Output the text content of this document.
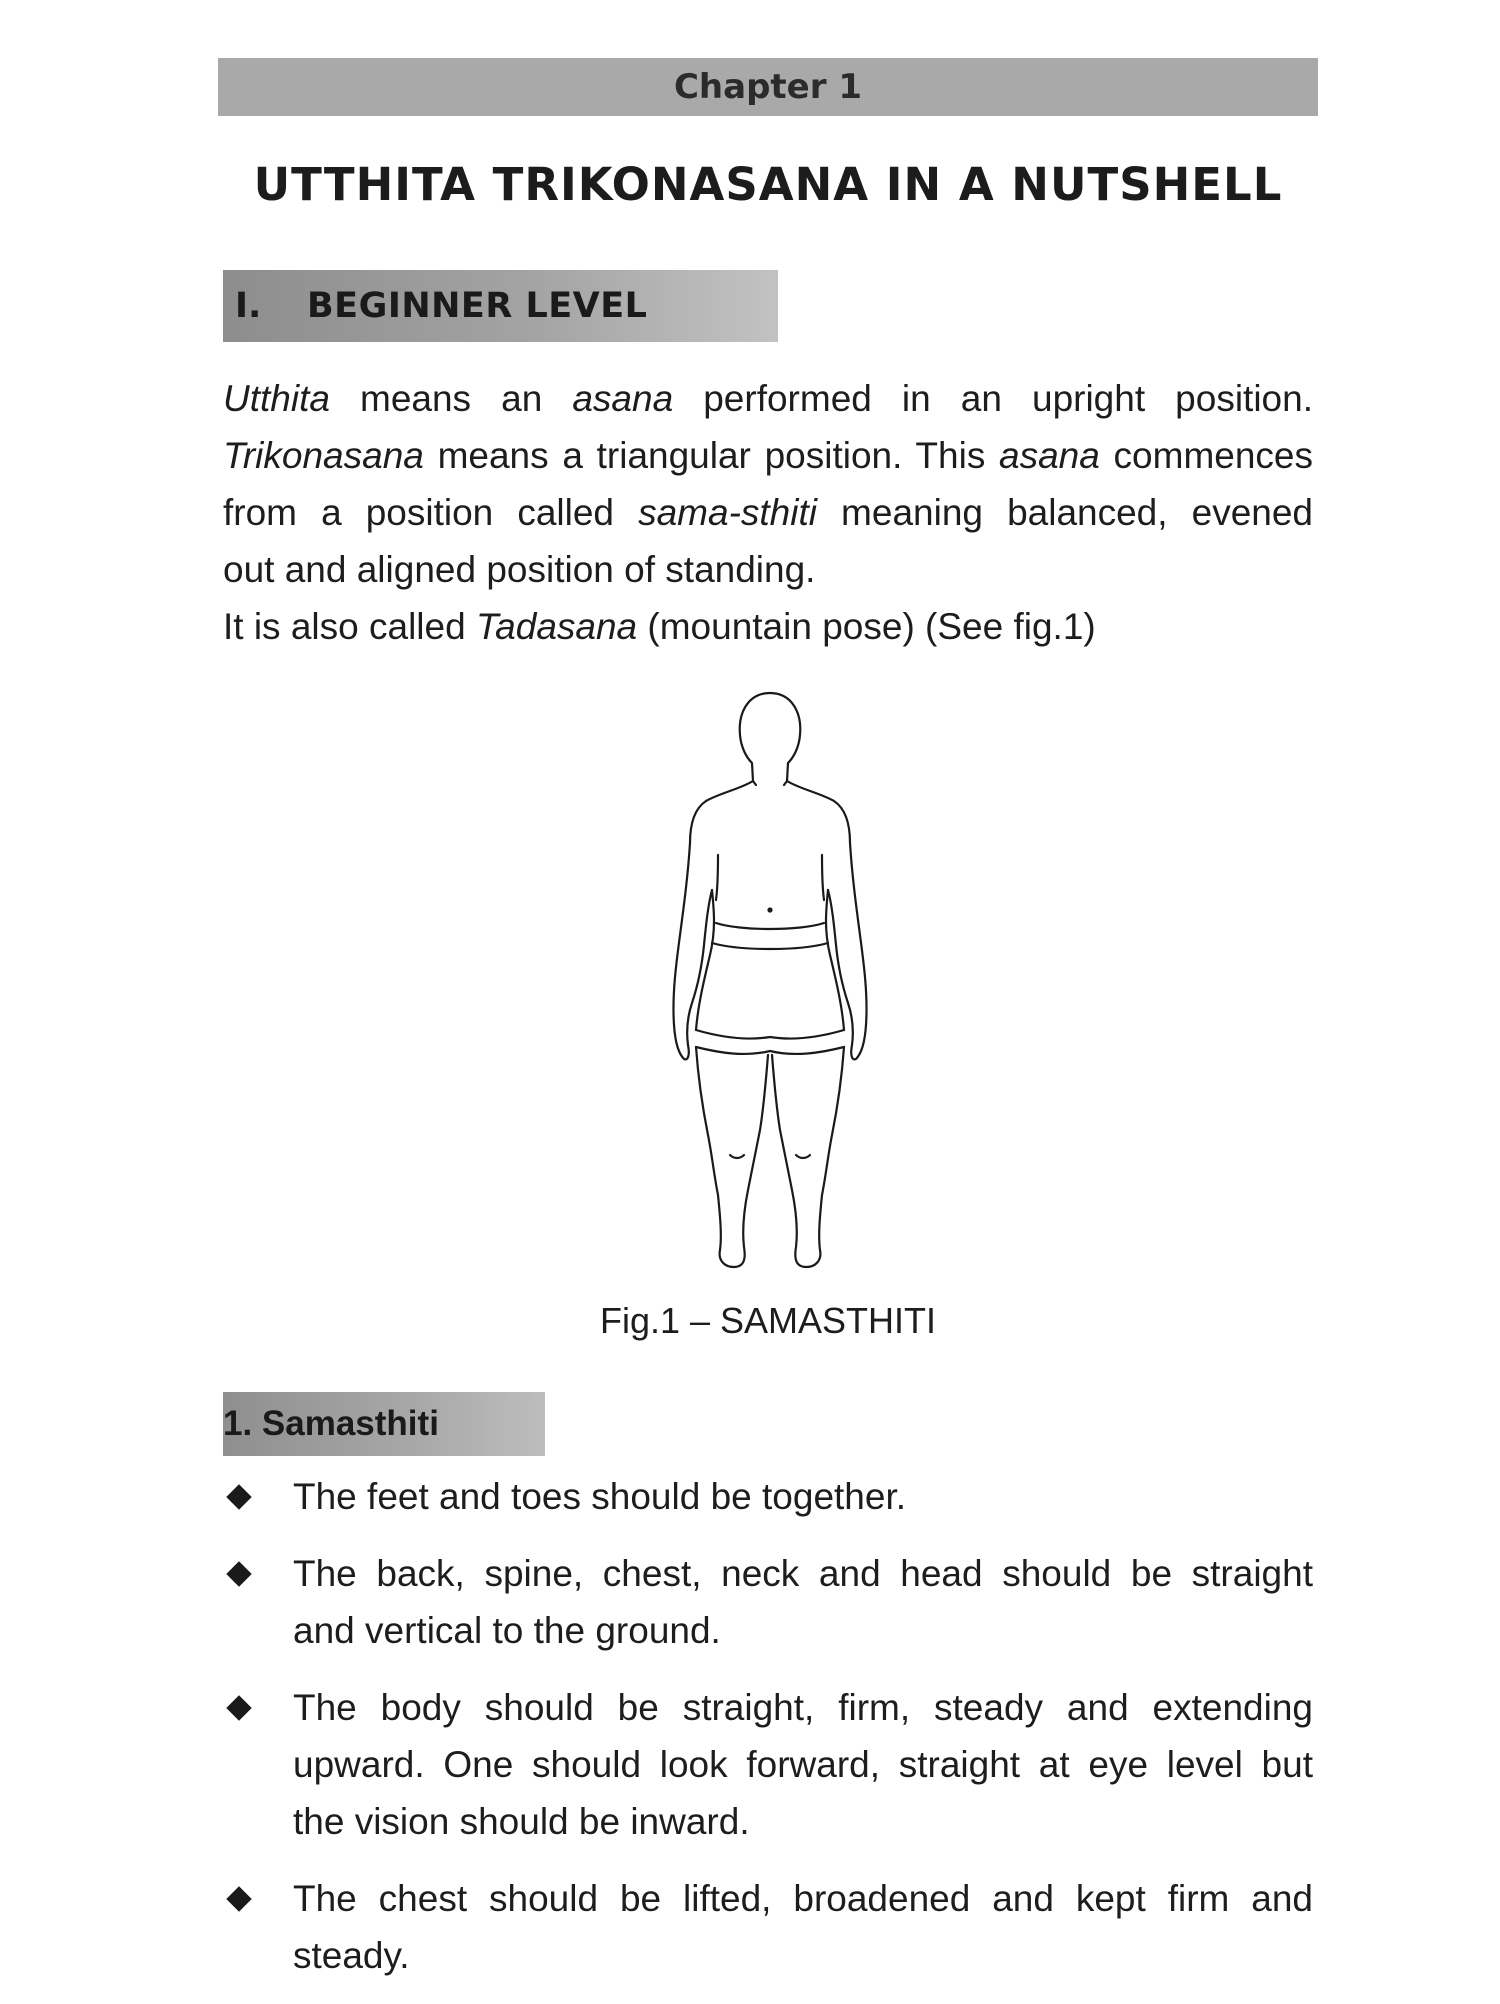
Chapter 1
UTTHITA TRIKONASANA IN A NUTSHELL
I.	BEGINNER LEVEL
Utthita means an asana performed in an upright position.
Trikonasana means a triangular position. This asana commences
from a position called sama-sthiti meaning balanced, evened
out and aligned position of standing.
It is also called Tadasana (mountain pose) (See fig.1)
Fig.1 – SAMASTHITI
1. Samasthiti
The feet and toes should be together.
The back, spine, chest, neck and head should be straight
and vertical to the ground.
The body should be straight, firm, steady and extending
upward. One should look forward, straight at eye level but
the vision should be inward.
The chest should be lifted, broadened and kept firm and
steady.
